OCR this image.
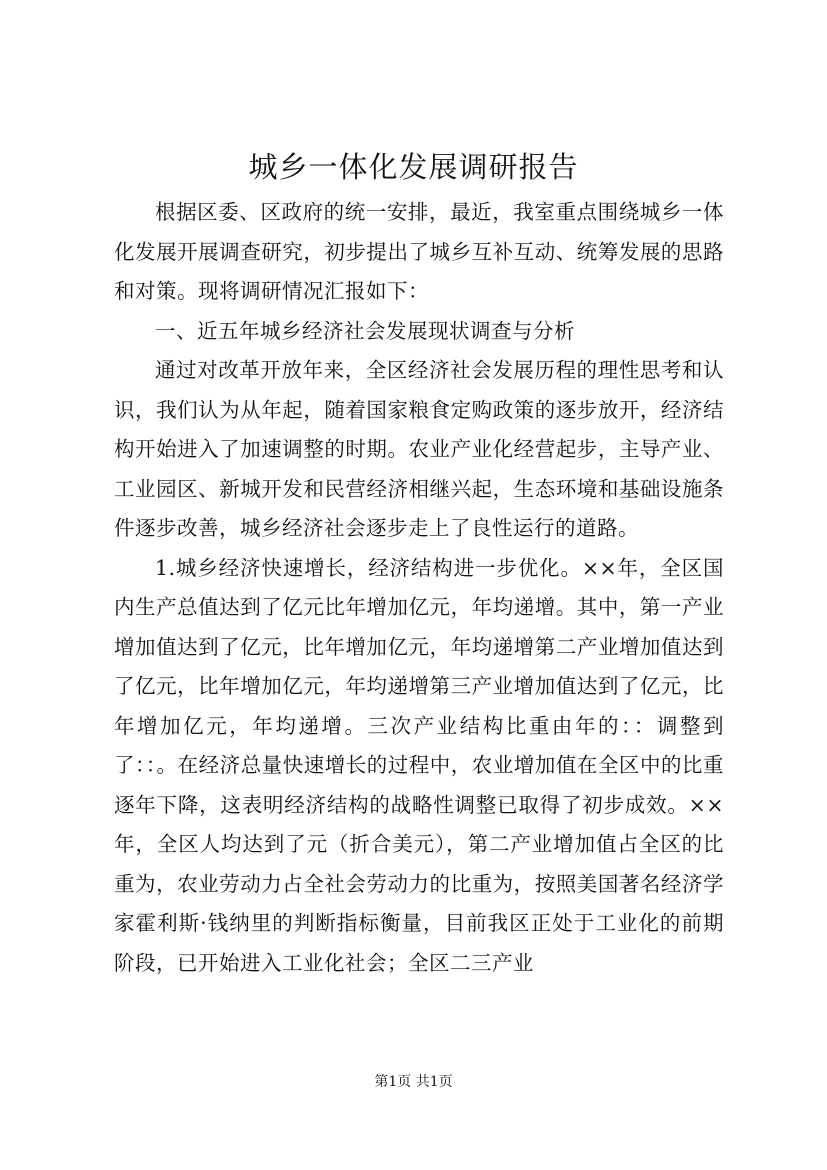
城乡一体化发展调研报告

根据区委、区政府的统一安排，最近，我室重点围绕城乡一体化发展开展调查研究，初步提出了城乡互补互动、统筹发展的思路和对策。现将调研情况汇报如下：

一、近五年城乡经济社会发展现状调查与分析

通过对改革开放年来，全区经济社会发展历程的理性思考和认识，我们认为从年起，随着国家粮食定购政策的逐步放开，经济结构开始进入了加速调整的时期。农业产业化经营起步，主导产业、工业园区、新城开发和民营经济相继兴起，生态环境和基础设施条件逐步改善，城乡经济社会逐步走上了良性运行的道路。

1.城乡经济快速增长，经济结构进一步优化。××年，全区国内生产总值达到了亿元比年增加亿元，年均递增。其中，第一产业增加值达到了亿元，比年增加亿元，年均递增第二产业增加值达到了亿元，比年增加亿元，年均递增第三产业增加值达到了亿元，比年增加亿元，年均递增。三次产业结构比重由年的：：调整到了：：。在经济总量快速增长的过程中，农业增加值在全区中的比重逐年下降，这表明经济结构的战略性调整已取得了初步成效。××年，全区人均达到了元（折合美元），第二产业增加值占全区的比重为，农业劳动力占全社会劳动力的比重为，按照美国著名经济学家霍利斯·钱纳里的判断指标衡量，目前我区正处于工业化的前期阶段，已开始进入工业化社会；全区二三产业

第1页 共1页
